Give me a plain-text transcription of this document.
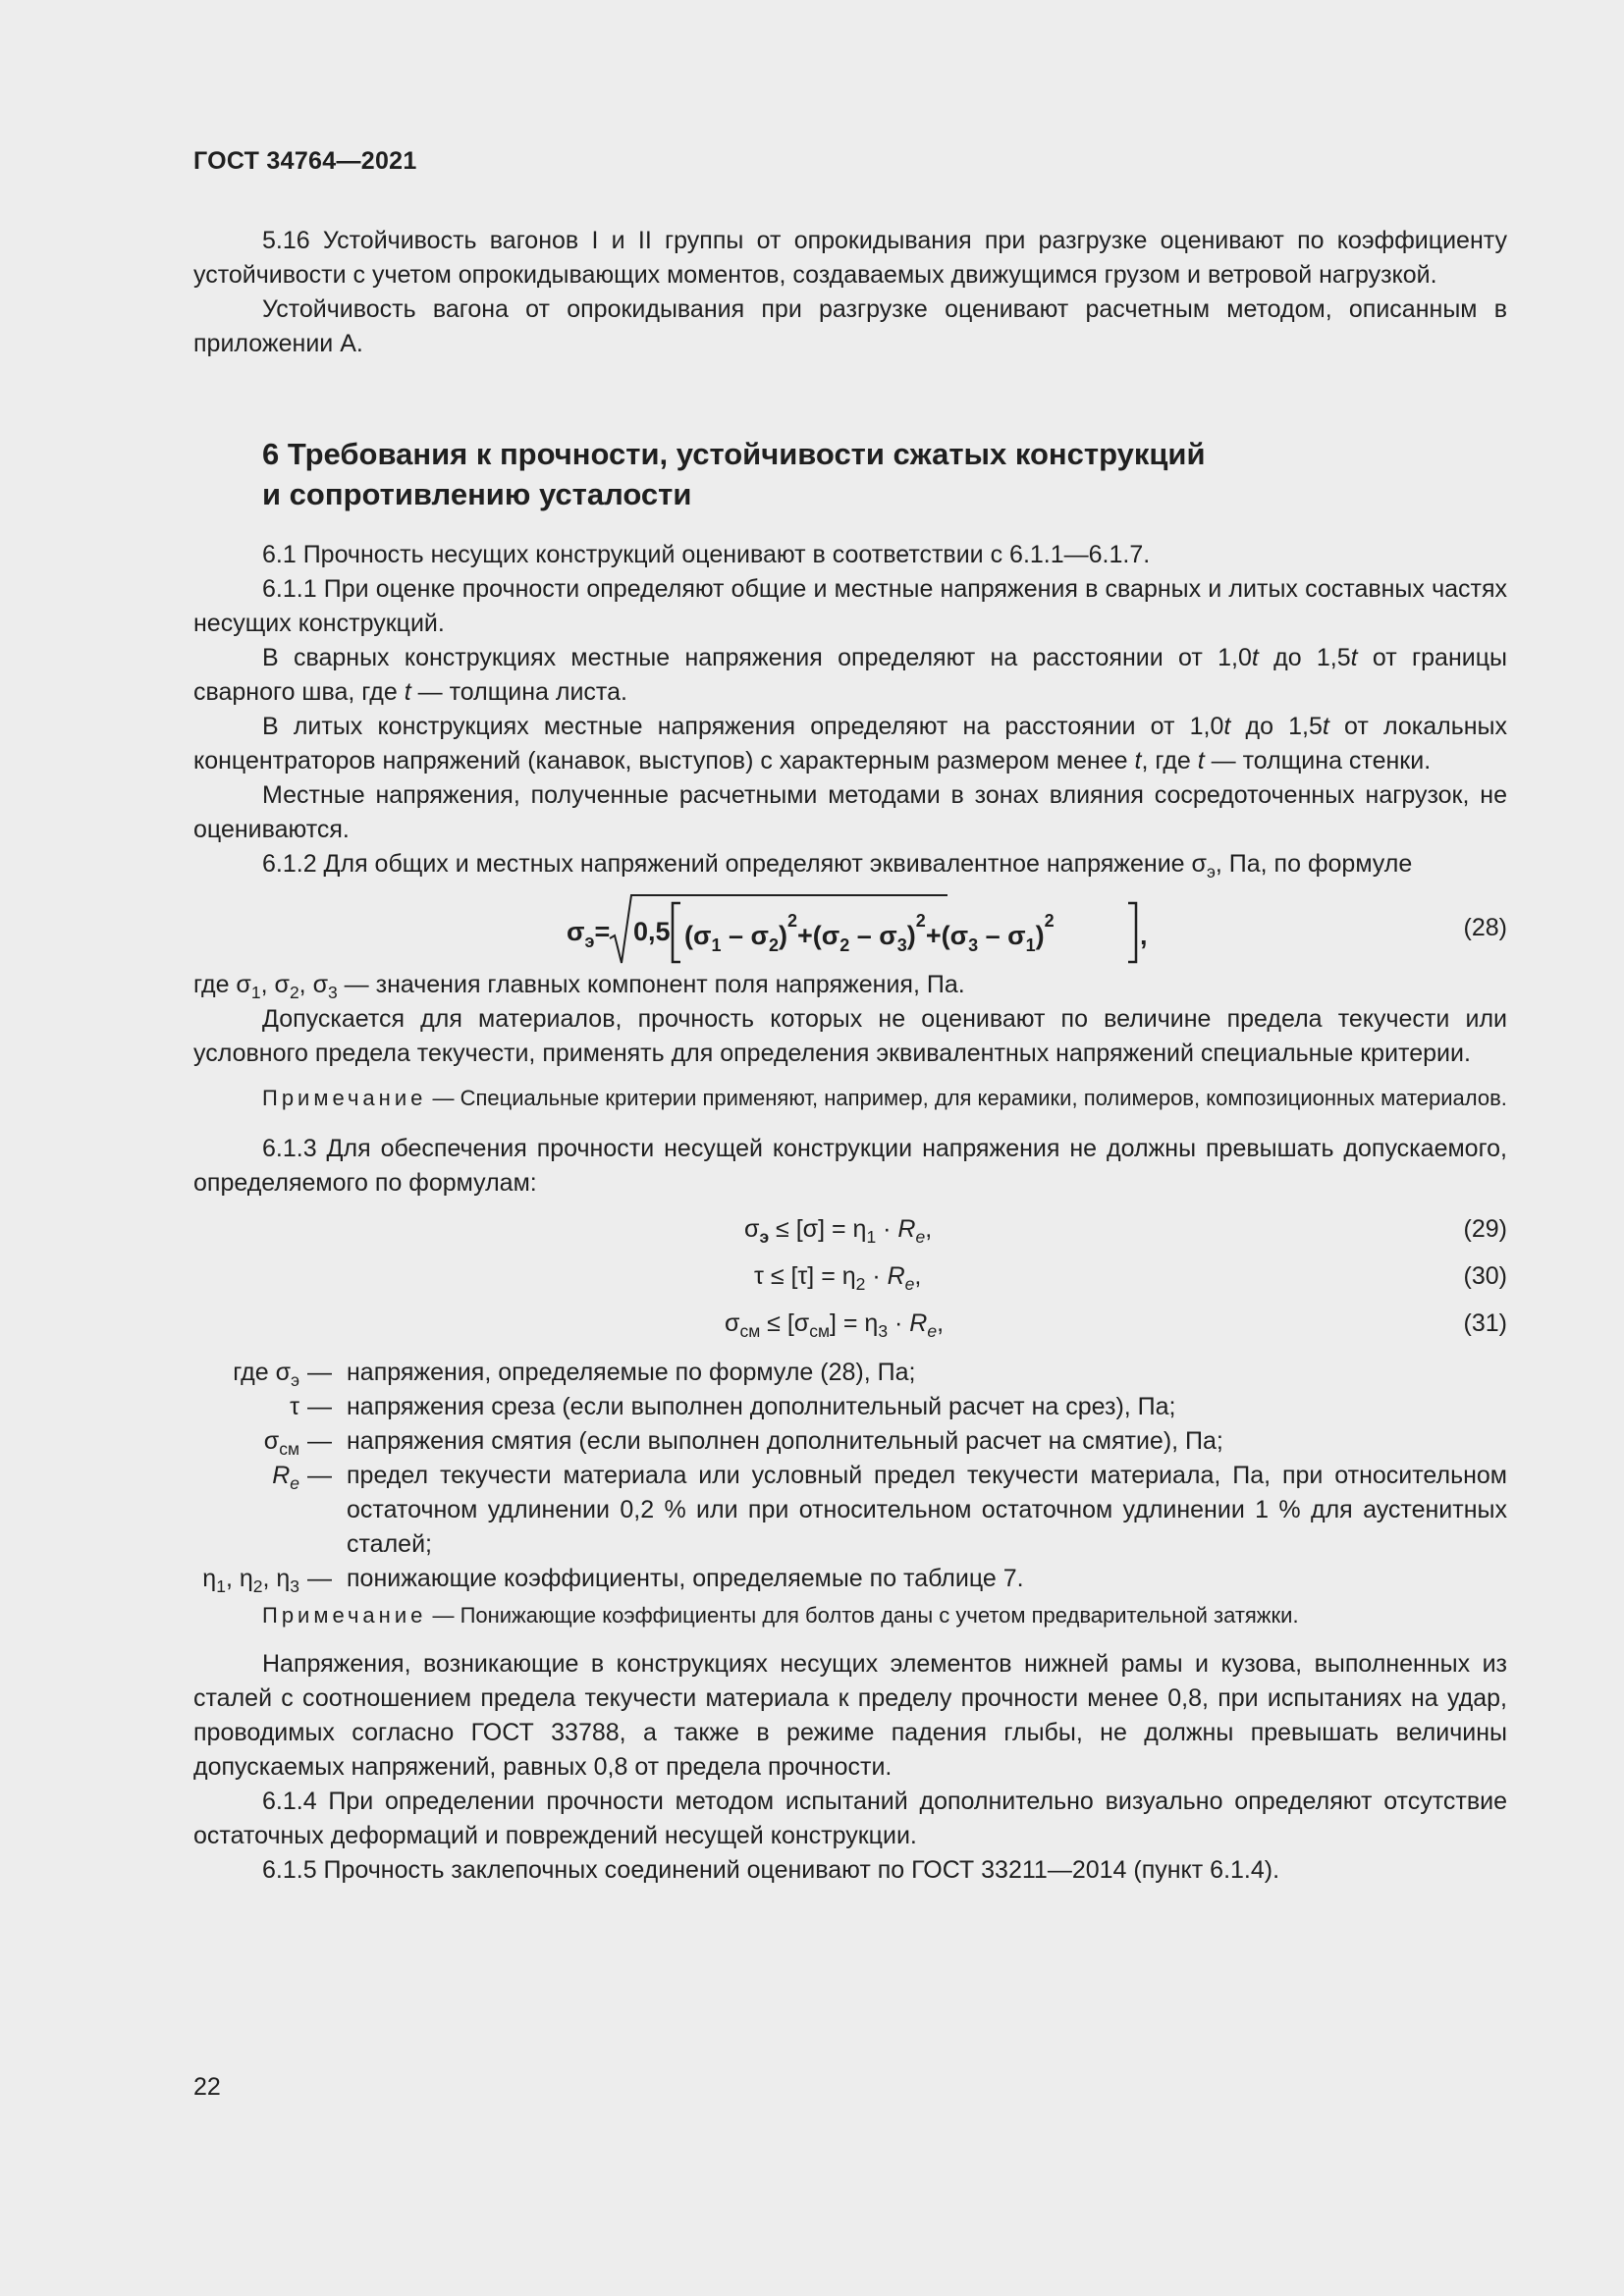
ГОСТ 34764—2021

5.16 Устойчивость вагонов I и II группы от опрокидывания при разгрузке оценивают по коэффициенту устойчивости с учетом опрокидывающих моментов, создаваемых движущимся грузом и ветровой нагрузкой.

Устойчивость вагона от опрокидывания при разгрузке оценивают расчетным методом, описанным в приложении А.

6 Требования к прочности, устойчивости сжатых конструкций
и сопротивлению усталости

6.1 Прочность несущих конструкций оценивают в соответствии с 6.1.1—6.1.7.

6.1.1 При оценке прочности определяют общие и местные напряжения в сварных и литых составных частях несущих конструкций.

В сварных конструкциях местные напряжения определяют на расстоянии от 1,0t до 1,5t от границы сварного шва, где t — толщина листа.

В литых конструкциях местные напряжения определяют на расстоянии от 1,0t до 1,5t от локальных концентраторов напряжений (канавок, выступов) с характерным размером менее t, где t — толщина стенки.

Местные напряжения, полученные расчетными методами в зонах влияния сосредоточенных нагрузок, не оцениваются.

6.1.2 Для общих и местных напряжений определяют эквивалентное напряжение $\sigma_э$, Па, по формуле

$\sigma_э= 0,5$ $(\sigma_1 - \sigma_2)^2+(\sigma_2 - \sigma_3)^2+(\sigma_3 - \sigma_1)^2$	,	(28)

где $\sigma_1$, $\sigma_2$, $\sigma_3$ — значения главных компонент поля напряжения, Па.

Допускается для материалов, прочность которых не оценивают по величине предела текучести или условного предела текучести, применять для определения эквивалентных напряжений специальные критерии.

Примечание — Специальные критерии применяют, например, для керамики, полимеров, композиционных материалов.

6.1.3 Для обеспечения прочности несущей конструкции напряжения не должны превышать допускаемого, определяемого по формулам:

$\sigma_э \le [\sigma] = \eta_1 \cdot R_e$,	(29)
$\tau \le [\tau] = \eta_2 \cdot R_e$,	(30)
$\sigma_{см} \le [\sigma_{см}] = \eta_3 \cdot R_e$,	(31)
где $\sigma_э$	—	напряжения, определяемые по формуле (28), Па;
τ	—	напряжения среза (если выполнен дополнительный расчет на срез), Па;
$\sigma_{см}$	—	напряжения смятия (если выполнен дополнительный расчет на смятие), Па;
$R_e$	—	предел текучести материала или условный предел текучести материала, Па, при относительном остаточном удлинении 0,2 % или при относительном остаточном удлинении 1 % для аустенитных сталей;
$\eta_1$, $\eta_2$, $\eta_3$	—	понижающие коэффициенты, определяемые по таблице 7.

Примечание — Понижающие коэффициенты для болтов даны с учетом предварительной затяжки.

Напряжения, возникающие в конструкциях несущих элементов нижней рамы и кузова, выполненных из сталей с соотношением предела текучести материала к пределу прочности менее 0,8, при испытаниях на удар, проводимых согласно ГОСТ 33788, а также в режиме падения глыбы, не должны превышать величины допускаемых напряжений, равных 0,8 от предела прочности.

6.1.4 При определении прочности методом испытаний дополнительно визуально определяют отсутствие остаточных деформаций и повреждений несущей конструкции.

6.1.5 Прочность заклепочных соединений оценивают по ГОСТ 33211—2014 (пункт 6.1.4).

22
